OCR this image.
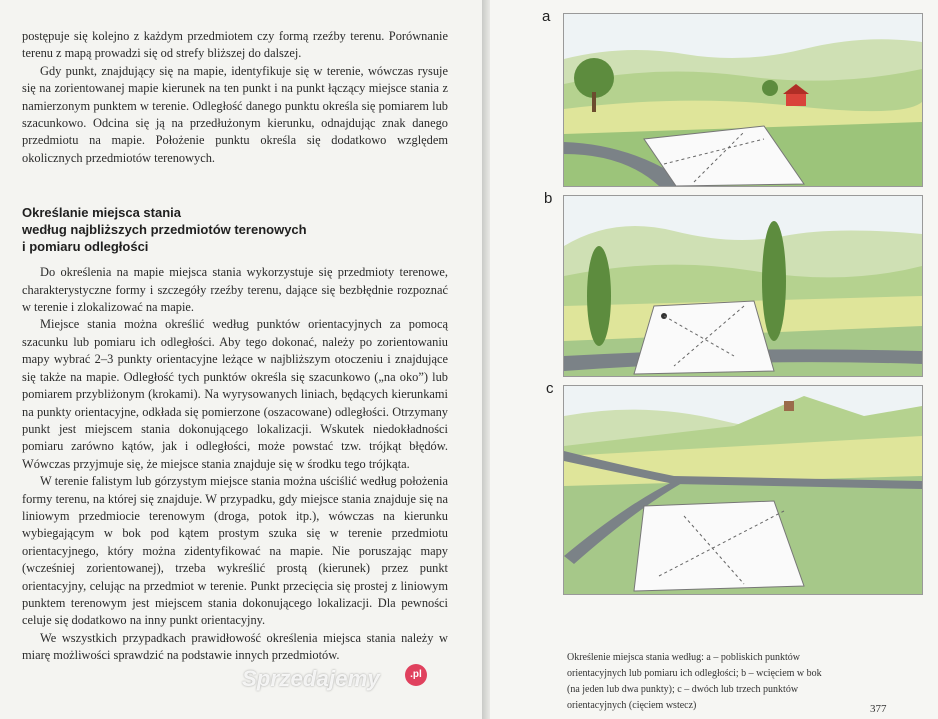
postępuje się kolejno z każdym przedmiotem czy formą rzeźby terenu. Porównanie terenu z mapą prowadzi się od strefy bliższej do dalszej.

Gdy punkt, znajdujący się na mapie, identyfikuje się w terenie, wówczas rysuje się na zorientowanej mapie kierunek na ten punkt i na punkt łączący miejsce stania z namierzonym punktem w terenie. Odległość danego punktu określa się pomiarem lub szacunkowo. Odcina się ją na przedłużonym kierunku, odnajdując znak danego przedmiotu na mapie. Położenie punktu określa się dodatkowo względem okolicznych przedmiotów terenowych.

Określanie miejsca stania
według najbliższych przedmiotów terenowych
i pomiaru odległości

Do określenia na mapie miejsca stania wykorzystuje się przedmioty terenowe, charakterystyczne formy i szczegóły rzeźby terenu, dające się bezbłędnie rozpoznać w terenie i zlokalizować na mapie.

Miejsce stania można określić według punktów orientacyjnych za pomocą szacunku lub pomiaru ich odległości. Aby tego dokonać, należy po zorientowaniu mapy wybrać 2–3 punkty orientacyjne leżące w najbliższym otoczeniu i znajdujące się także na mapie. Odległość tych punktów określa się szacunkowo („na oko”) lub pomiarem przybliżonym (krokami). Na wyrysowanych liniach, będących kierunkami na punkty orientacyjne, odkłada się pomierzone (oszacowane) odległości. Otrzymany punkt jest miejscem stania dokonującego lokalizacji. Wskutek niedokładności pomiaru zarówno kątów, jak i odległości, może powstać tzw. trójkąt błędów. Wówczas przyjmuje się, że miejsce stania znajduje się w środku tego trójkąta.

W terenie falistym lub górzystym miejsce stania można uściślić według położenia formy terenu, na której się znajduje. W przypadku, gdy miejsce stania znajduje się na liniowym przedmiocie terenowym (droga, potok itp.), wówczas na kierunku wybiegającym w bok pod kątem prostym szuka się w terenie przedmiotu orientacyjnego, który można zidentyfikować na mapie. Nie poruszając mapy (wcześniej zorientowanej), trzeba wykreślić prostą (kierunek) przez punkt orientacyjny, celując na przedmiot w terenie. Punkt przecięcia się prostej z liniowym punktem terenowym jest miejscem stania dokonującego lokalizacji. Dla pewności celuje się dodatkowo na inny punkt orientacyjny.

We wszystkich przypadkach prawidłowość określenia miejsca stania należy w miarę możliwości sprawdzić na podstawie innych przedmiotów.

a
b
c
Określenie miejsca stania według: a – pobliskich punktów orientacyjnych lub pomiaru ich odległości; b – wcięciem w bok (na jeden lub dwa punkty); c – dwóch lub trzech punktów orientacyjnych (cięciem wstecz)	377
Sprzedajemy	.pl
